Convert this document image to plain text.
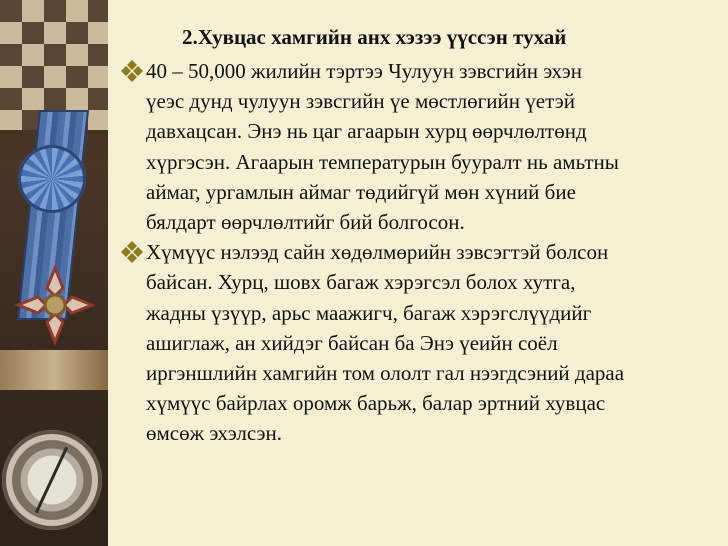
2.Хувцас хамгийн анх хэзээ үүссэн тухай
40 – 50,000 жилийн тэртээ Чулуун зэвсгийн эхэн
үеэс дунд чулуун зэвсгийн үе мөстлөгийн үетэй
давхацсан. Энэ нь цаг агаарын хурц өөрчлөлтөнд
хүргэсэн. Агаарын температурын бууралт нь амьтны
аймаг, ургамлын аймаг төдийгүй мөн хүний бие
бялдарт өөрчлөлтийг бий болгосон.
Хүмүүс нэлээд сайн хөдөлмөрийн зэвсэгтэй болсон
байсан. Хурц, шовх багаж хэрэгсэл болох хутга,
жадны үзүүр, арьс маажигч, багаж хэрэгслүүдийг
ашиглаж, ан хийдэг байсан ба Энэ үеийн соёл
иргэншлийн хамгийн том ололт гал нээгдсэний дараа
хүмүүс байрлах оромж барьж, балар эртний хувцас
өмсөж эхэлсэн.
